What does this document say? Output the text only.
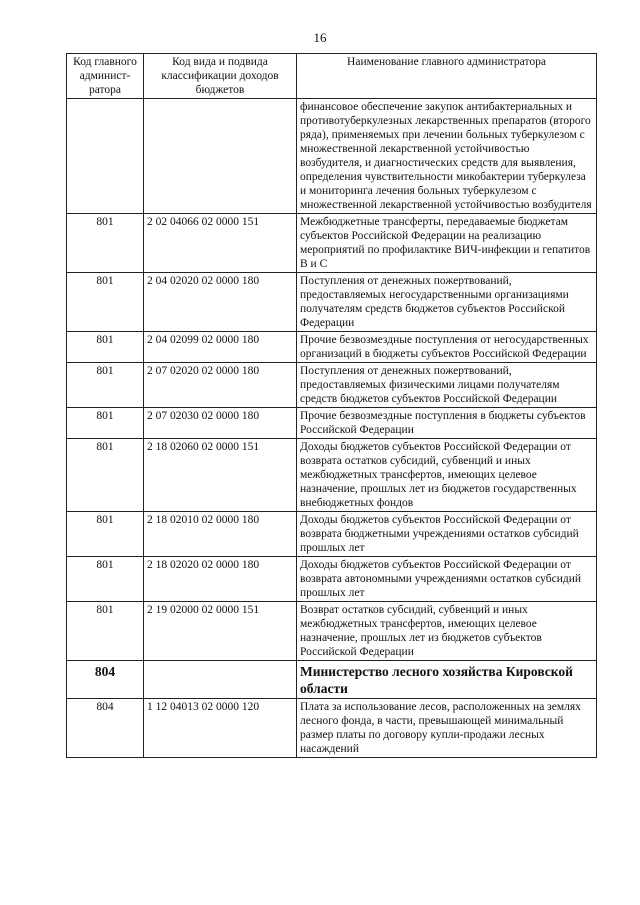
16
Код главного админист-ратора	Код вида и подвида классификации доходов бюджетов	Наименование главного администратора
		финансовое обеспечение закупок антибактериальных и противотуберкулезных лекарственных препаратов (второго ряда), применяемых при лечении больных туберкулезом с множественной лекарственной устойчивостью возбудителя, и диагностических средств для выявления, определения чувствительности микобактерии туберкулеза и мониторинга лечения больных туберкулезом с множественной лекарственной устойчивостью возбудителя
801	2 02 04066 02 0000 151	Межбюджетные трансферты, передаваемые бюджетам субъектов Российской Федерации на реализацию мероприятий по профилактике ВИЧ-инфекции и гепатитов В и С
801	2 04 02020 02 0000 180	Поступления от денежных пожертвований, предоставляемых негосударственными организациями получателям средств бюджетов субъектов Российской Федерации
801	2 04 02099 02 0000 180	Прочие безвозмездные поступления от негосударственных организаций в бюджеты субъектов Российской Федерации
801	2 07 02020 02 0000 180	Поступления от денежных пожертвований, предоставляемых физическими лицами получателям средств бюджетов субъектов Российской Федерации
801	2 07 02030 02 0000 180	Прочие безвозмездные поступления в бюджеты субъектов Российской Федерации
801	2 18 02060 02 0000 151	Доходы бюджетов субъектов Российской Федерации от возврата остатков субсидий, субвенций и иных межбюджетных трансфертов, имеющих целевое назначение, прошлых лет из бюджетов государственных внебюджетных фондов
801	2 18 02010 02 0000 180	Доходы бюджетов субъектов Российской Федерации от возврата бюджетными учреждениями остатков субсидий прошлых лет
801	2 18 02020 02 0000 180	Доходы бюджетов субъектов Российской Федерации от возврата автономными учреждениями остатков субсидий прошлых лет
801	2 19 02000 02 0000 151	Возврат остатков субсидий, субвенций и иных межбюджетных трансфертов, имеющих целевое назначение, прошлых лет из бюджетов субъектов Российской Федерации
804		Министерство лесного хозяйства Кировской области
804	1 12 04013 02 0000 120	Плата за использование лесов, расположенных на землях лесного фонда, в части, превышающей минимальный размер платы по договору купли-продажи лесных насаждений
